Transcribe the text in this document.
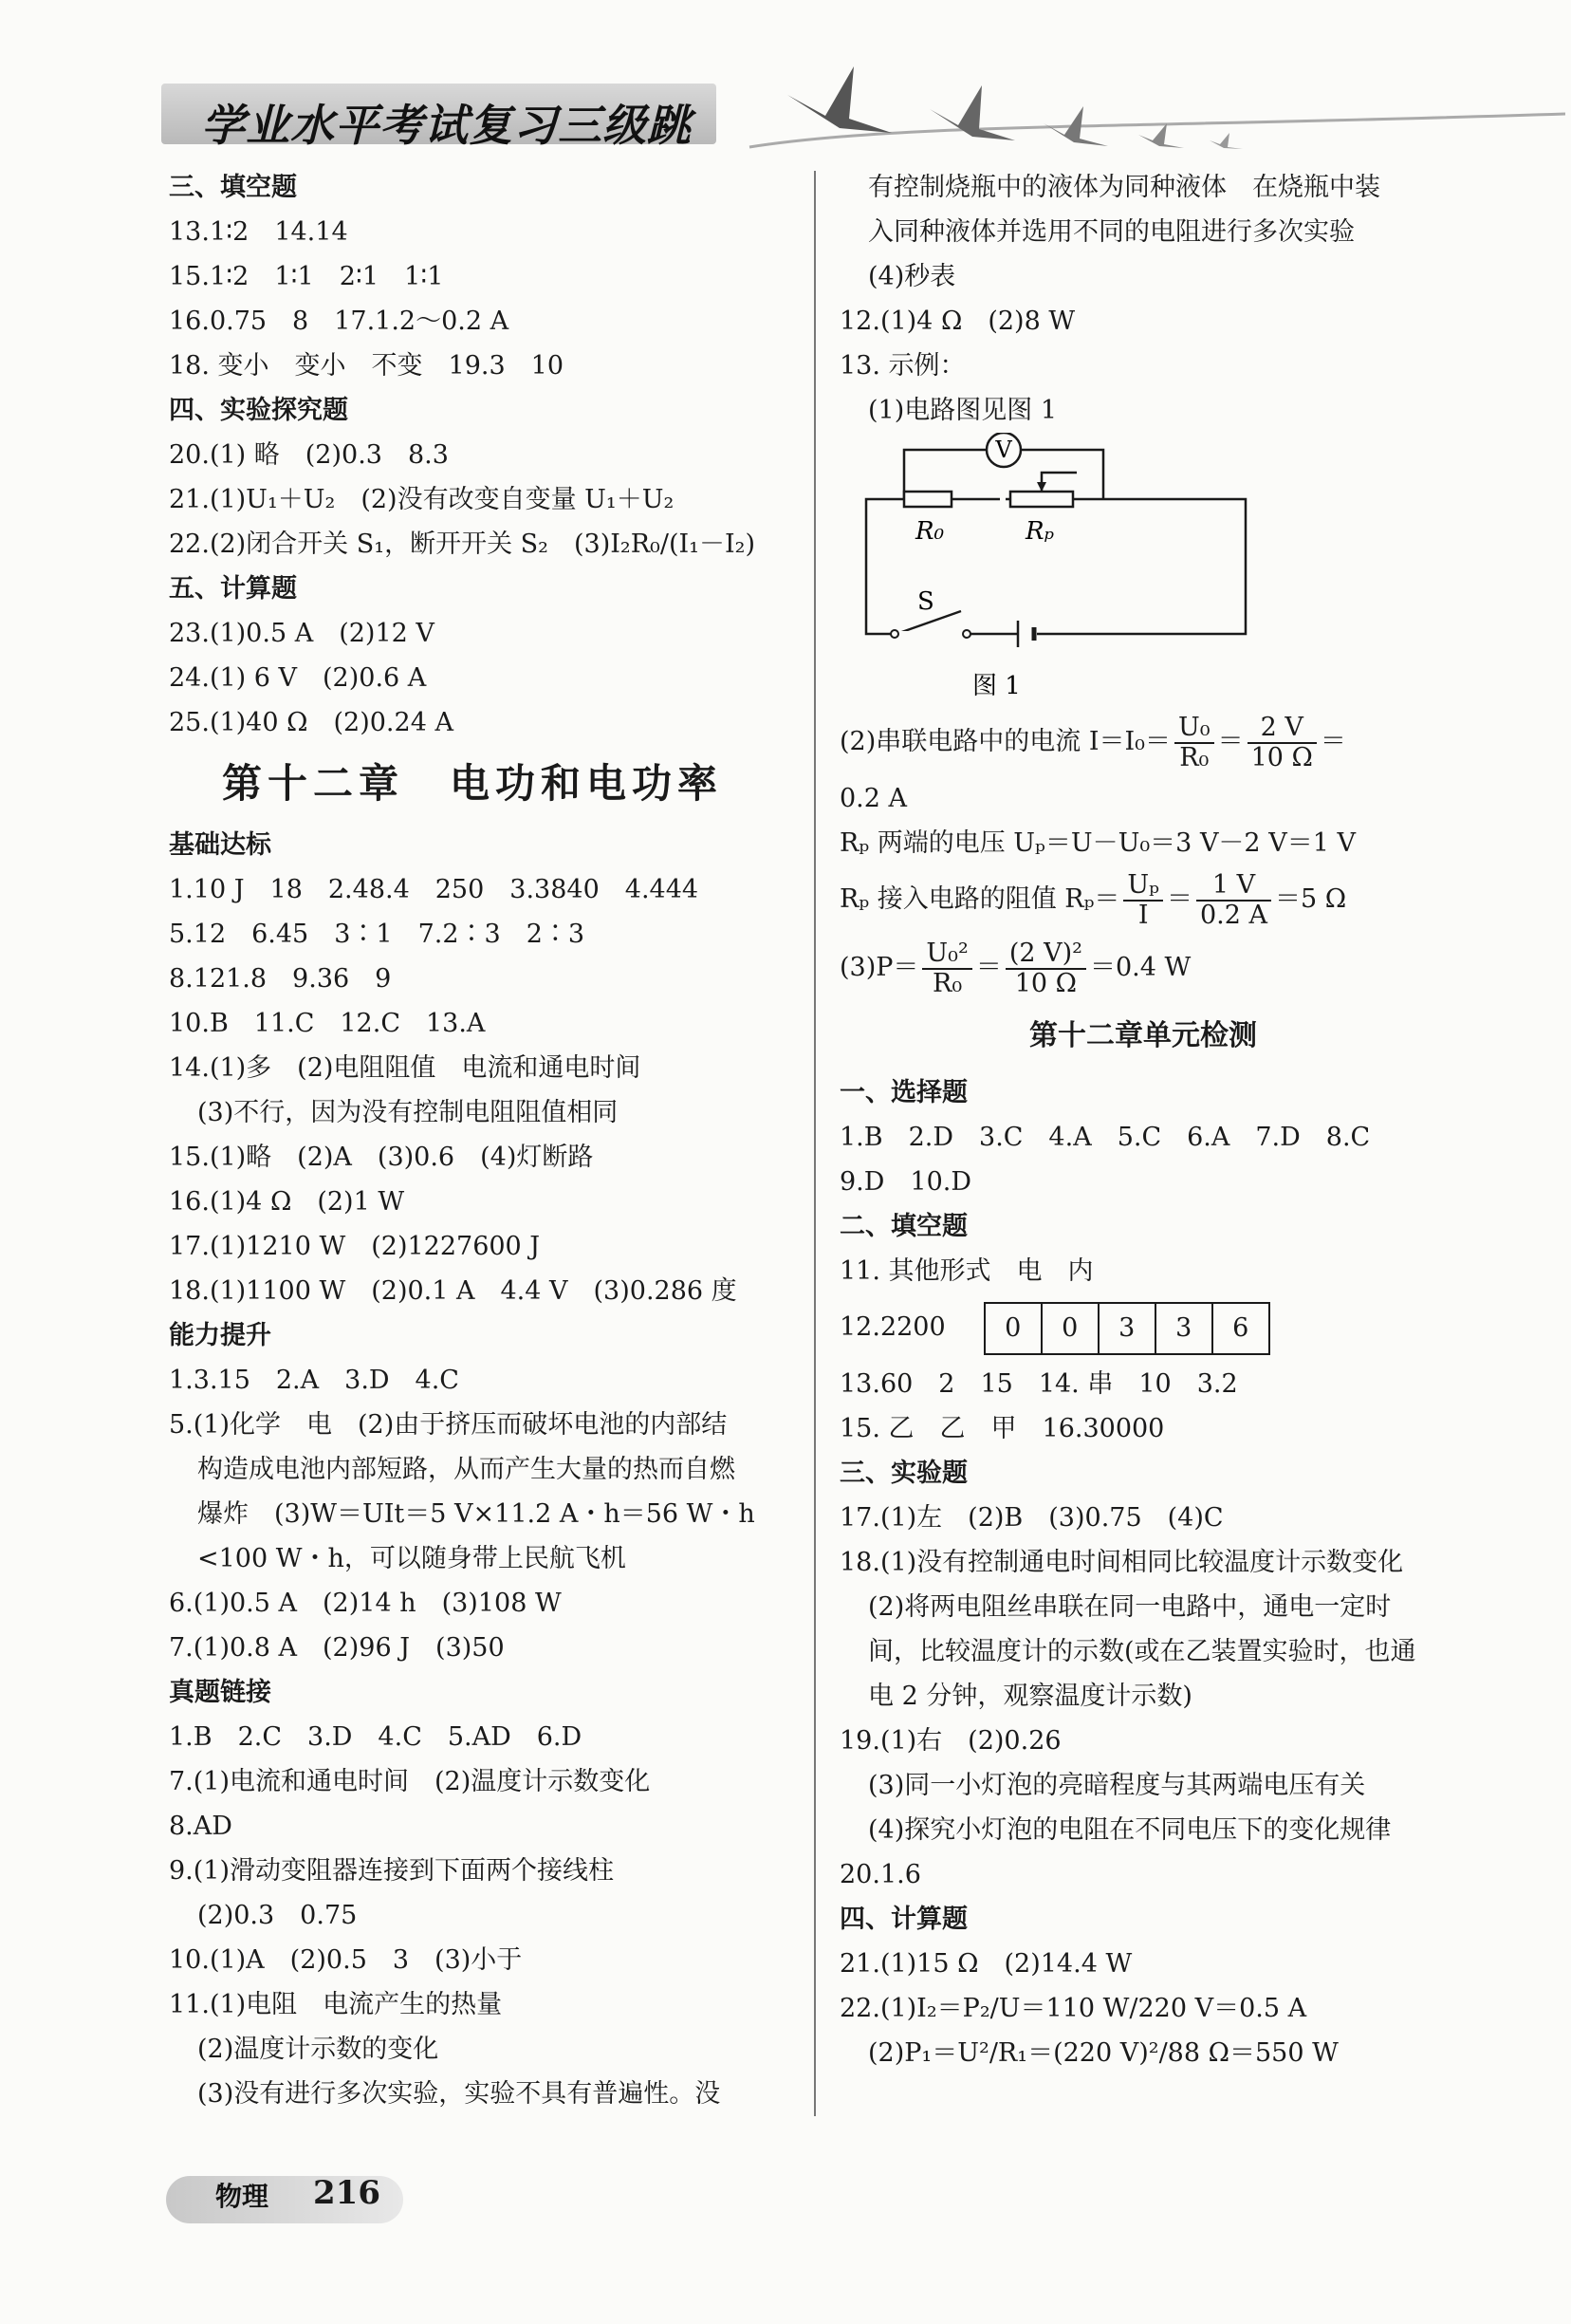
学业水平考试复习三级跳
三、填空题
13.1∶2　14.14
15.1∶2　1∶1　2∶1　1∶1
16.0.75　8　17.1.2～0.2 A
18. 变小　变小　不变　19.3　10
四、实验探究题
20.(1) 略　(2)0.3　8.3
21.(1)U₁＋U₂　(2)没有改变自变量 U₁＋U₂
22.(2)闭合开关 S₁，断开开关 S₂　(3)I₂R₀/(I₁－I₂)
五、计算题
23.(1)0.5 A　(2)12 V
24.(1) 6 V　(2)0.6 A
25.(1)40 Ω　(2)0.24 A
第十二章　电功和电功率
基础达标
1.10 J　18　2.48.4　250　3.3840　4.444
5.12　6.45　3∶1　7.2∶3　2∶3
8.121.8　9.36　9
10.B　11.C　12.C　13.A
14.(1)多　(2)电阻阻值　电流和通电时间
(3)不行，因为没有控制电阻阻值相同
15.(1)略　(2)A　(3)0.6　(4)灯断路
16.(1)4 Ω　(2)1 W
17.(1)1210 W　(2)1227600 J
18.(1)1100 W　(2)0.1 A　4.4 V　(3)0.286 度
能力提升
1.3.15　2.A　3.D　4.C
5.(1)化学　电　(2)由于挤压而破坏电池的内部结
构造成电池内部短路，从而产生大量的热而自燃
爆炸　(3)W＝UIt＝5 V×11.2 A・h＝56 W・h
<100 W・h，可以随身带上民航飞机
6.(1)0.5 A　(2)14 h　(3)108 W
7.(1)0.8 A　(2)96 J　(3)50
真题链接
1.B　2.C　3.D　4.C　5.AD　6.D
7.(1)电流和通电时间　(2)温度计示数变化
8.AD
9.(1)滑动变阻器连接到下面两个接线柱
(2)0.3　0.75
10.(1)A　(2)0.5　3　(3)小于
11.(1)电阻　电流产生的热量
(2)温度计示数的变化
(3)没有进行多次实验，实验不具有普遍性。没
有控制烧瓶中的液体为同种液体　在烧瓶中装
入同种液体并选用不同的电阻进行多次实验
(4)秒表
12.(1)4 Ω　(2)8 W
13. 示例：
(1)电路图见图 1
V
R₀	Rₚ
S
图 1
(2)串联电路中的电流 $I=I_0= \frac{\text{U₀}}{\text{R₀}} = \frac{2 V}{10 \Omega}$ ＝
0.2 A
Rₚ 两端的电压 Uₚ＝U－U₀＝3 V－2 V＝1 V
Rₚ 接入电路的阻值 $R_p= \frac{\text{Uₚ}}{I} = \frac{1 V}{0.2 A} =5$ Ω
$(3)P= \frac{\text{U₀²}}{\text{R₀}} = \frac{\text{(2 V)²}}{10 \Omega} =0.4$ W
第十二章单元检测
一、选择题
1.B　2.D　3.C　4.A　5.C　6.A　7.D　8.C
9.D　10.D
二、填空题
11. 其他形式　电　内
12.2200	0	0	3	3	6
13.60　2　15　14. 串　10　3.2
15. 乙　乙　甲　16.30000
三、实验题
17.(1)左　(2)B　(3)0.75　(4)C
18.(1)没有控制通电时间相同比较温度计示数变化
(2)将两电阻丝串联在同一电路中，通电一定时
间，比较温度计的示数(或在乙装置实验时，也通
电 2 分钟，观察温度计示数)
19.(1)右　(2)0.26
(3)同一小灯泡的亮暗程度与其两端电压有关
(4)探究小灯泡的电阻在不同电压下的变化规律
20.1.6
四、计算题
21.(1)15 Ω　(2)14.4 W
22.(1)I₂＝P₂/U＝110 W/220 V＝0.5 A
(2)P₁＝U²/R₁＝(220 V)²/88 Ω＝550 W
物理 216
